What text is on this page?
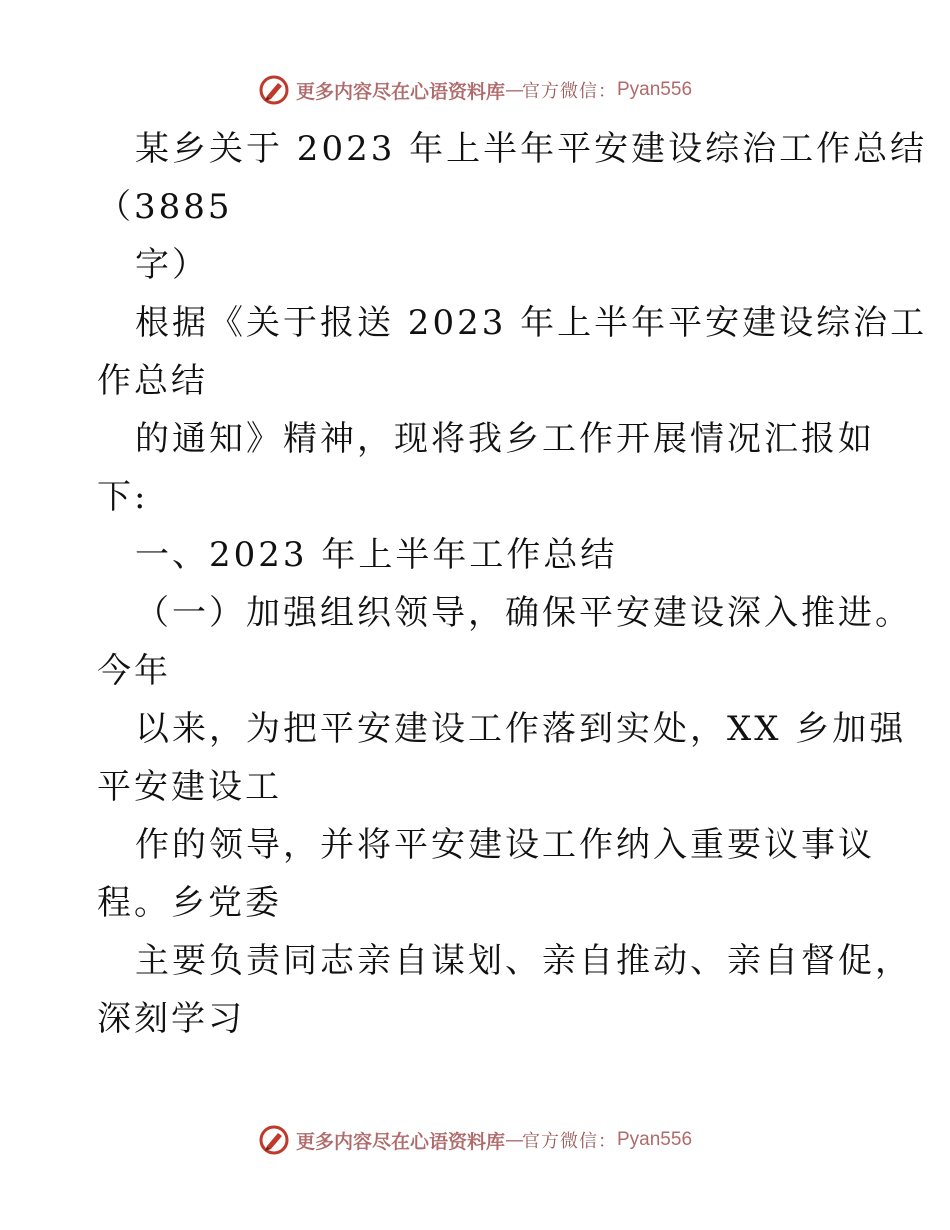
更多内容尽在心语资料库 — 官方微信： Pyan556
某乡关于 2023 年上半年平安建设综治工作总结
（3885
字）
根据《关于报送 2023 年上半年平安建设综治工
作总结
的通知》精神，现将我乡工作开展情况汇报如
下:
一、2023 年上半年工作总结
（一）加强组织领导，确保平安建设深入推进。
今年
以来，为把平安建设工作落到实处，XX 乡加强
平安建设工
作的领导，并将平安建设工作纳入重要议事议
程。乡党委
主要负责同志亲自谋划、亲自推动、亲自督促，
深刻学习
更多内容尽在心语资料库 — 官方微信： Pyan556
